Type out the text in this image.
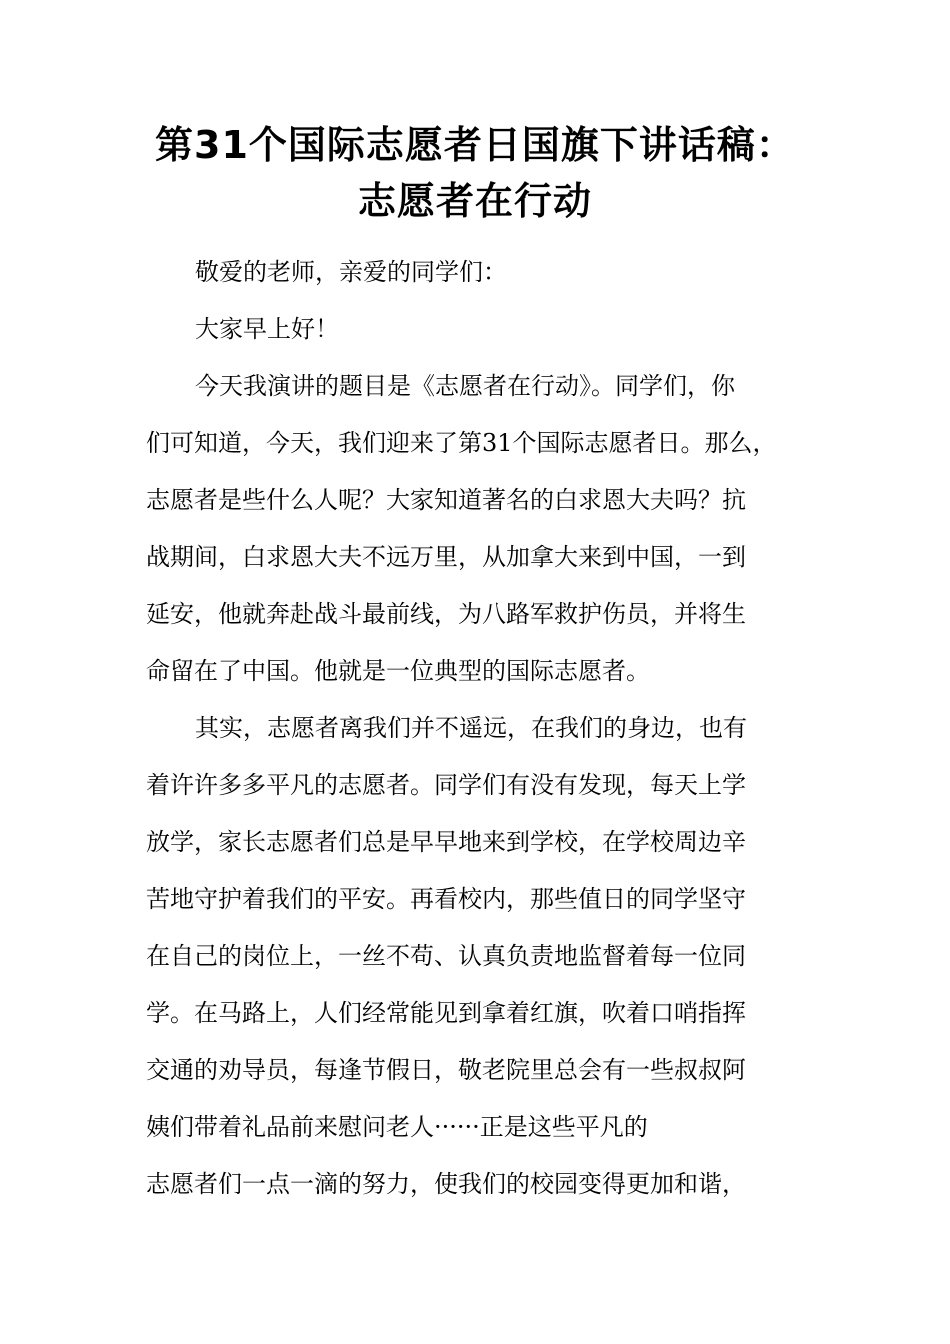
第31个国际志愿者日国旗下讲话稿：
志愿者在行动
敬爱的老师，亲爱的同学们：
大家早上好！
今天我演讲的题目是《志愿者在行动》。同学们，你
们可知道，今天，我们迎来了第31个国际志愿者日。那么，
志愿者是些什么人呢？大家知道著名的白求恩大夫吗？抗
战期间，白求恩大夫不远万里，从加拿大来到中国，一到
延安，他就奔赴战斗最前线，为八路军救护伤员，并将生
命留在了中国。他就是一位典型的国际志愿者。
其实，志愿者离我们并不遥远，在我们的身边，也有
着许许多多平凡的志愿者。同学们有没有发现，每天上学
放学，家长志愿者们总是早早地来到学校，在学校周边辛
苦地守护着我们的平安。再看校内，那些值日的同学坚守
在自己的岗位上，一丝不苟、认真负责地监督着每一位同
学。在马路上，人们经常能见到拿着红旗，吹着口哨指挥
交通的劝导员，每逢节假日，敬老院里总会有一些叔叔阿
姨们带着礼品前来慰问老人······正是这些平凡的
志愿者们一点一滴的努力，使我们的校园变得更加和谐，
